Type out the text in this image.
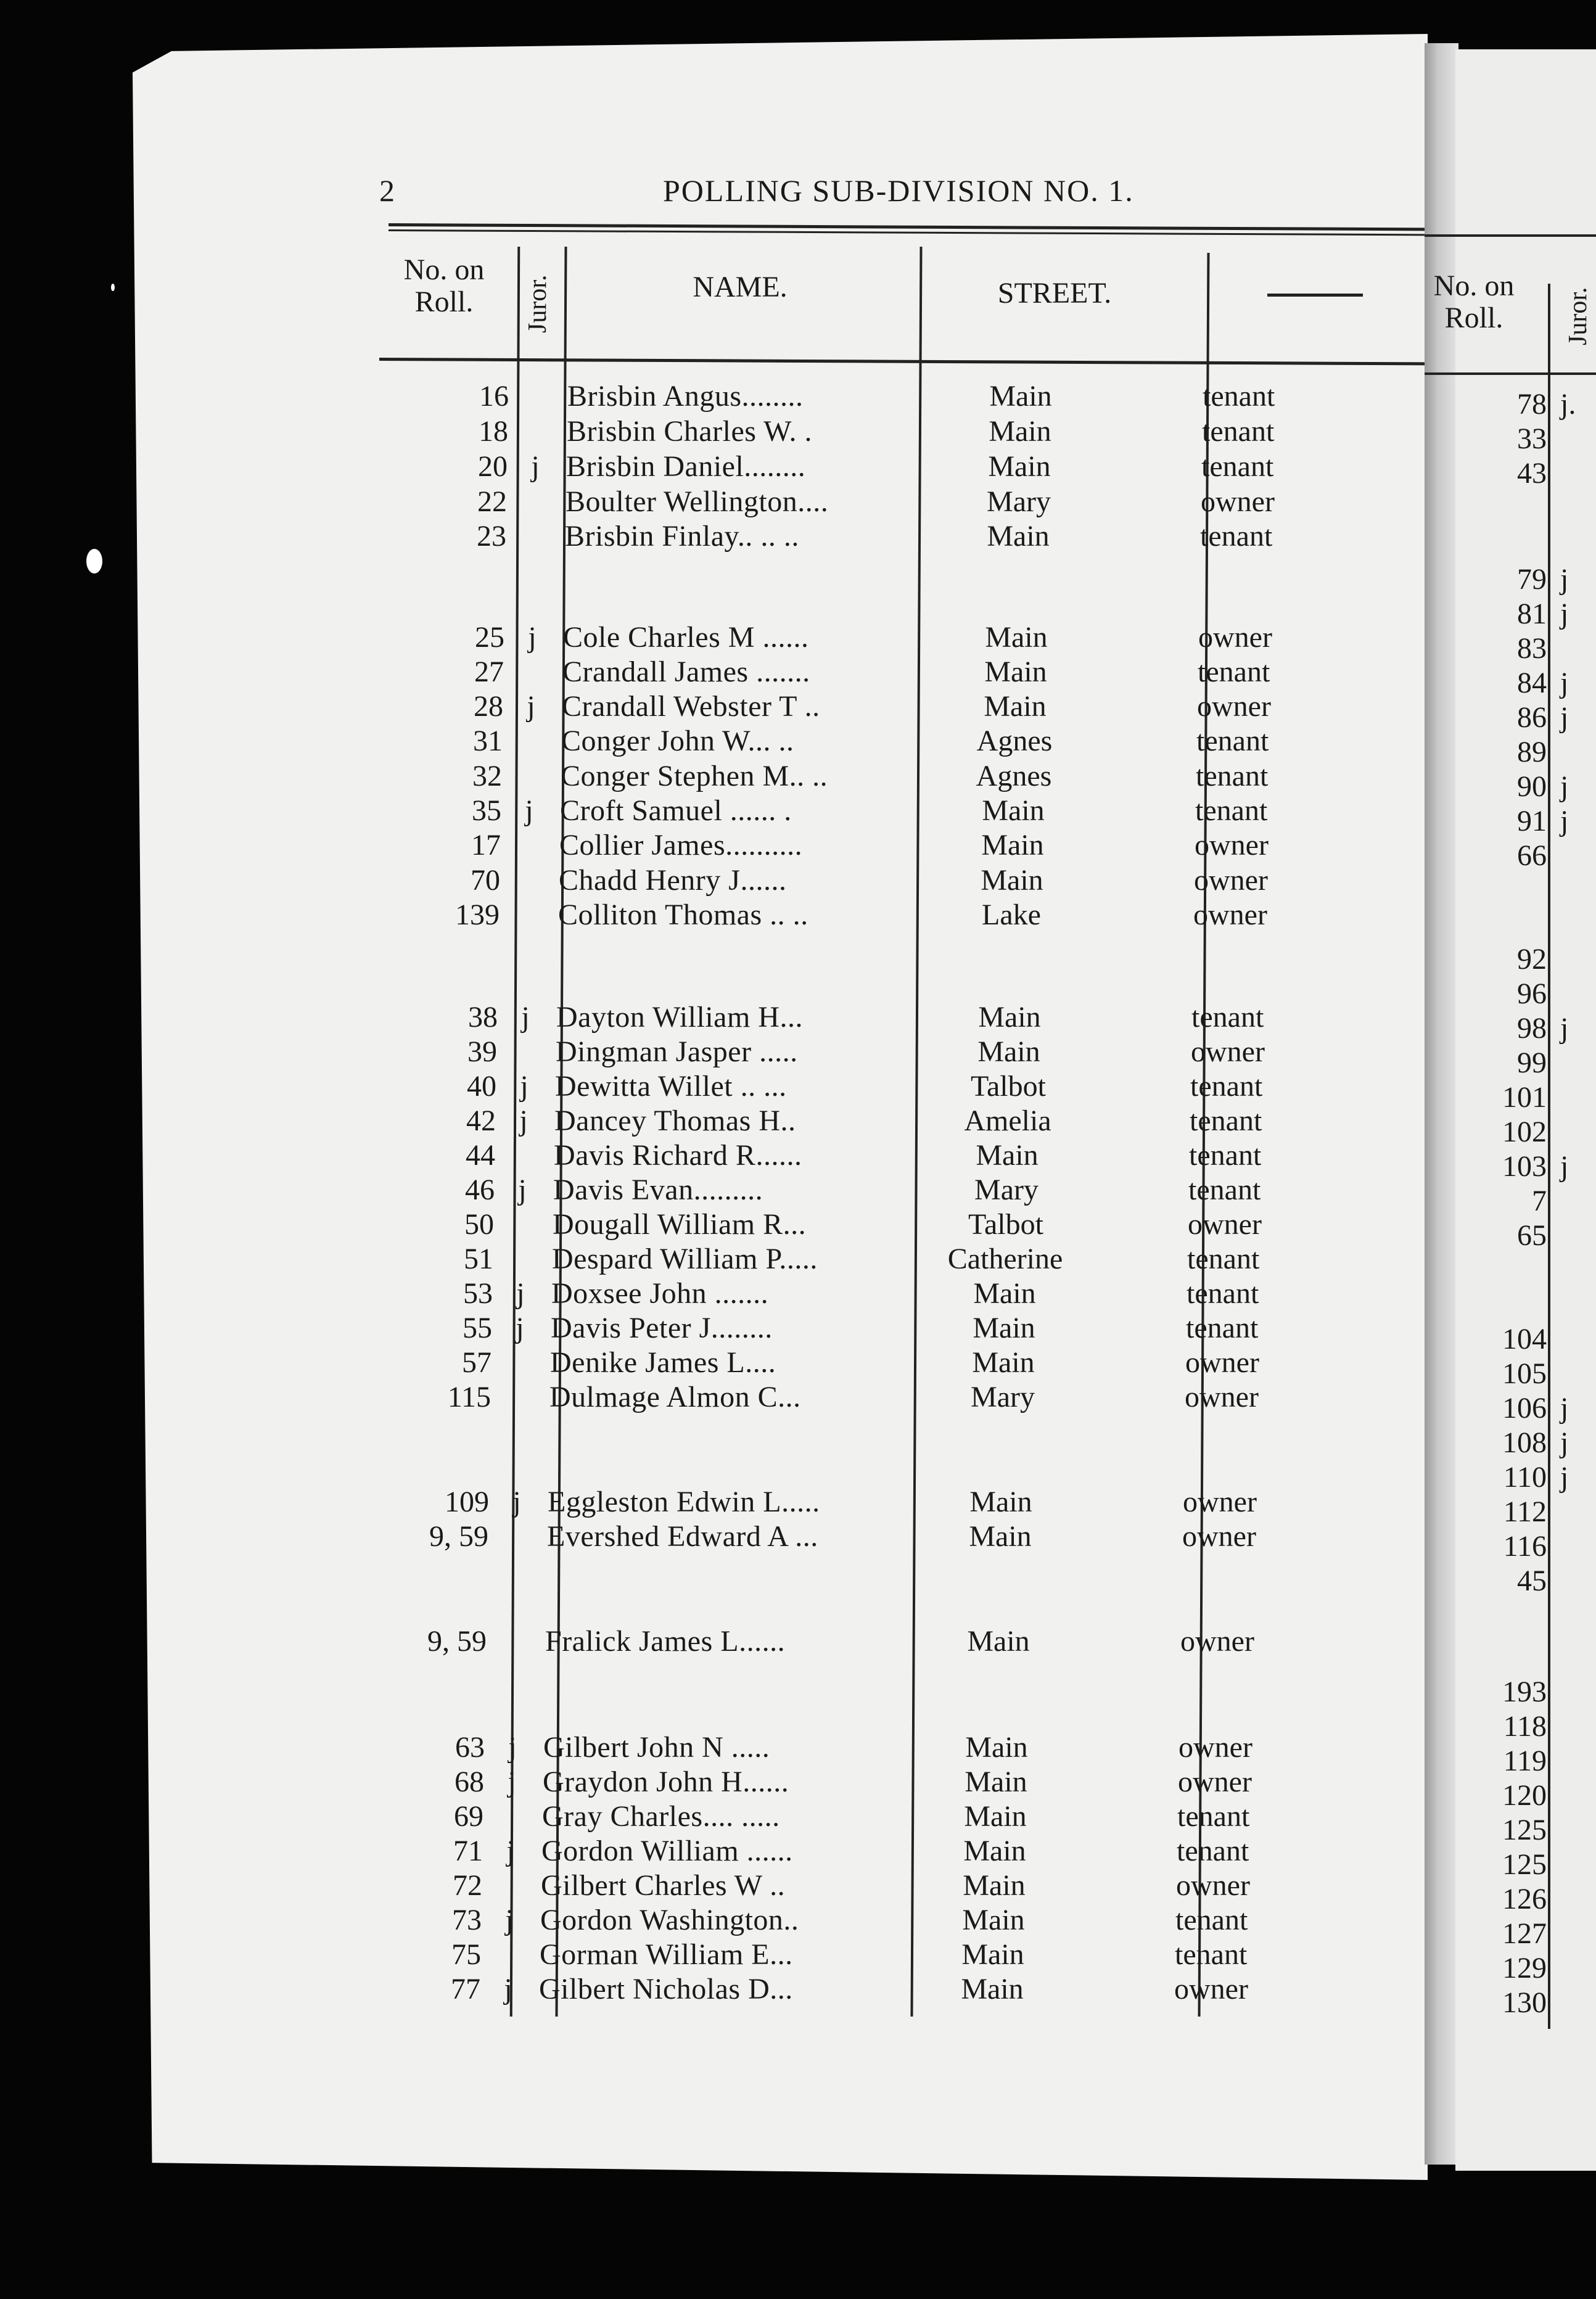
2	POLLING SUB-DIVISION NO. 1.
No. on Roll.	Juror.	NAME.	STREET.	No. on Roll.	Juror.
16 Brisbin Angus........	Main	tenant
18 Brisbin Charles W. .	Main	tenant
20 j Brisbin Daniel........	Main	tenant
22 Boulter Wellington....	Mary	owner
23 Brisbin Finlay.. .. ..	Main	tenant
25 j Cole Charles M ......	Main	owner
27 Crandall James .......	Main	tenant
28 j Crandall Webster T ..	Main	owner
31 Conger John W... ..	Agnes	tenant
32 Conger Stephen M.. ..	Agnes	tenant
35 j Croft Samuel ...... .	Main	tenant
17 Collier James..........	Main	owner
70 Chadd Henry J......	Main	owner
139 Colliton Thomas .. ..	Lake	owner
38 j Dayton William H...	Main	tenant
39 Dingman Jasper .....	Main	owner
40 j Dewitta Willet .. ...	Talbot	tenant
42 j Dancey Thomas H..	Amelia	tenant
44 Davis Richard R......	Main	tenant
46 j Davis Evan.........	Mary	tenant
50 Dougall William R...	Talbot	owner
51 Despard William P.....	Catherine	tenant
53 j Doxsee John .......	Main	tenant
55 j Davis Peter J........	Main	tenant
57 Denike James L....	Main	owner
115 Dulmage Almon C...	Mary	owner
109 j Eggleston Edwin L.....	Main	owner
9, 59 Evershed Edward A ...	Main	owner
9, 59 Fralick James L......	Main	owner
63 j Gilbert John N .....	Main	owner
68 j Graydon John H......	Main	owner
69 Gray Charles.... .....	Main	tenant
71 j Gordon William ......	Main	tenant
72 Gilbert Charles W ..	Main	owner
73 j Gordon Washington..	Main	tenant
75 Gorman William E...	Main	tenant
77 j Gilbert Nicholas D...	Main	owner
78 j.
33
43
79 j
81 j
83
84 j
86 j
89
90 j
91 j
66
92
96
98 j
99
101
102
103 j
7
65
104
105
106 j
108 j
110 j
112
116
45
193
118
119
120
125
125
126
127
129
130
